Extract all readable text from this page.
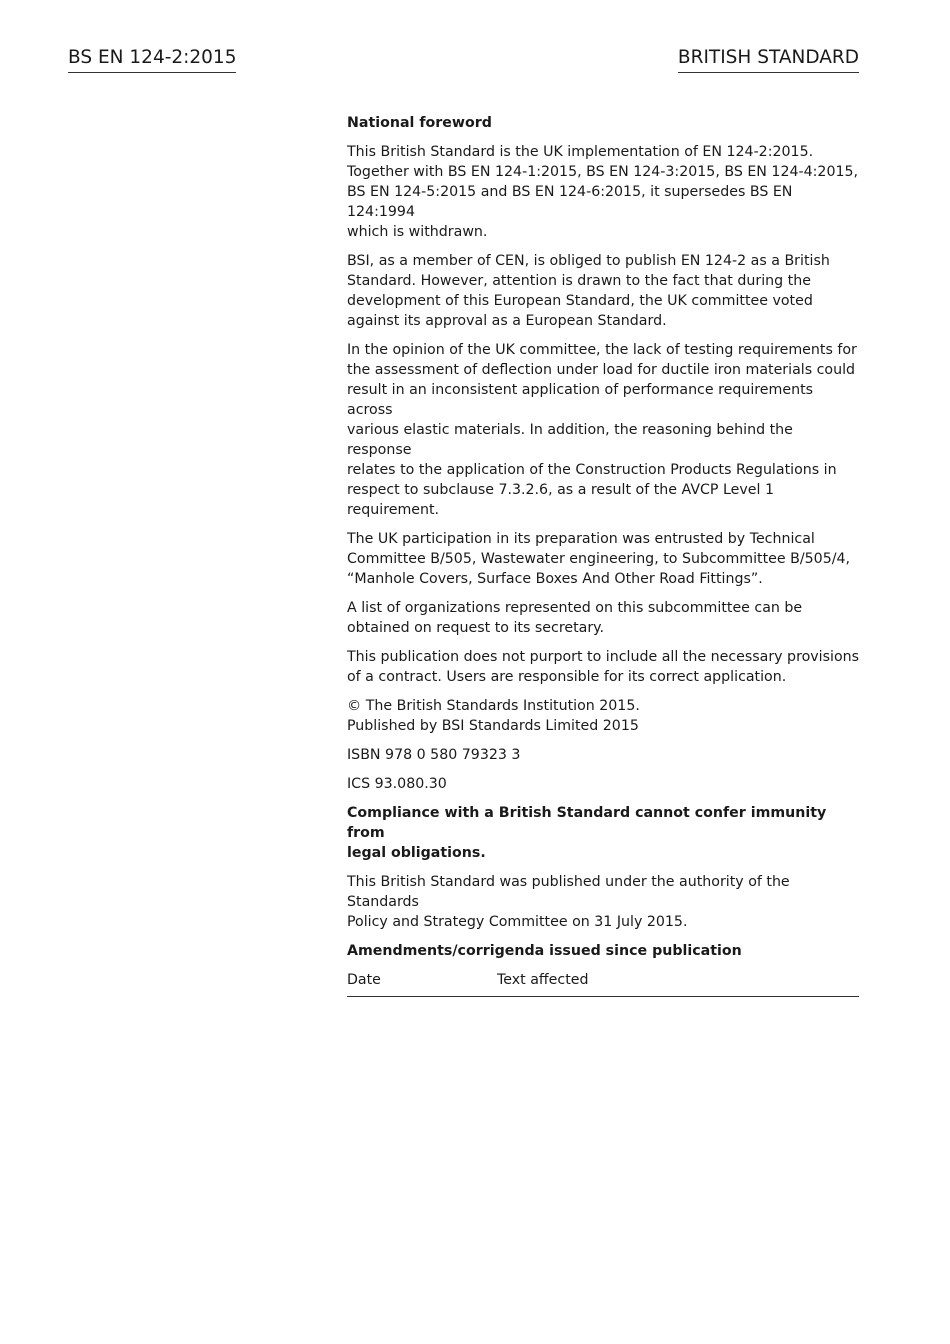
BS EN 124-2:2015	BRITISH STANDARD
National foreword
This British Standard is the UK implementation of EN 124-2:2015.
Together with BS EN 124-1:2015, BS EN 124-3:2015, BS EN 124-4:2015,
BS EN 124-5:2015 and BS EN 124-6:2015, it supersedes BS EN 124:1994
which is withdrawn.
BSI, as a member of CEN, is obliged to publish EN 124-2 as a British
Standard. However, attention is drawn to the fact that during the
development of this European Standard, the UK committee voted
against its approval as a European Standard.
In the opinion of the UK committee, the lack of testing requirements for
the assessment of deflection under load for ductile iron materials could
result in an inconsistent application of performance requirements across
various elastic materials. In addition, the reasoning behind the response
relates to the application of the Construction Products Regulations in
respect to subclause 7.3.2.6, as a result of the AVCP Level 1 requirement.
The UK participation in its preparation was entrusted by Technical
Committee B/505, Wastewater engineering, to Subcommittee B/505/4,
“Manhole Covers, Surface Boxes And Other Road Fittings”.
A list of organizations represented on this subcommittee can be
obtained on request to its secretary.
This publication does not purport to include all the necessary provisions
of a contract. Users are responsible for its correct application.
© The British Standards Institution 2015.
Published by BSI Standards Limited 2015
ISBN 978 0 580 79323 3
ICS 93.080.30
Compliance with a British Standard cannot confer immunity from
legal obligations.
This British Standard was published under the authority of the Standards
Policy and Strategy Committee on 31 July 2015.
Amendments/corrigenda issued since publication
Date	Text affected
